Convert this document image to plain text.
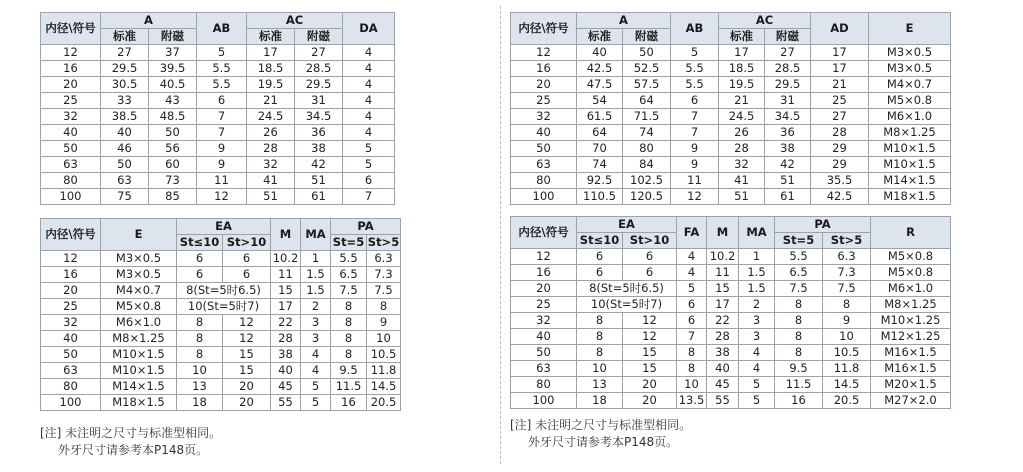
内径\符号	A		AB	AC		DA
	标准	附磁		标准	附磁	
12	27	37	5	17	27	4
16	29.5	39.5	5.5	18.5	28.5	4
20	30.5	40.5	5.5	19.5	29.5	4
25	33	43	6	21	31	4
32	38.5	48.5	7	24.5	34.5	4
40	40	50	7	26	36	4
50	46	56	9	28	38	5
63	50	60	9	32	42	5
80	63	73	11	41	51	6
100	75	85	12	51	61	7
内径\符号	E	EA		M	MA	PA	
		St≤10	St>10			St=5	St>5
12	M3×0.5	6	6	10.2	1	5.5	6.3
16	M3×0.5	6	6	11	1.5	6.5	7.3
20	M4×0.7	8(St=5时6.5)		15	1.5	7.5	7.5
25	M5×0.8	10(St=5时7)		17	2	8	8
32	M6×1.0	8	12	22	3	8	9
40	M8×1.25	8	12	28	3	8	10
50	M10×1.5	8	15	38	4	8	10.5
63	M10×1.5	10	15	40	4	9.5	11.8
80	M14×1.5	13	20	45	5	11.5	14.5
100	M18×1.5	18	20	55	5	16	20.5
[注] 未注明之尺寸与标准型相同。
外牙尺寸请参考本P148页。
内径\符号	A		AB	AC		AD	E
	标准	附磁		标准	附磁		
12	40	50	5	17	27	17	M3×0.5
16	42.5	52.5	5.5	18.5	28.5	17	M3×0.5
20	47.5	57.5	5.5	19.5	29.5	21	M4×0.7
25	54	64	6	21	31	25	M5×0.8
32	61.5	71.5	7	24.5	34.5	27	M6×1.0
40	64	74	7	26	36	28	M8×1.25
50	70	80	9	28	38	29	M10×1.5
63	74	84	9	32	42	29	M10×1.5
80	92.5	102.5	11	41	51	35.5	M14×1.5
100	110.5	120.5	12	51	61	42.5	M18×1.5
内径\符号	EA		FA	M	MA	PA		R
	St≤10	St>10				St=5	St>5	
12	6	6	4	10.2	1	5.5	6.3	M5×0.8
16	6	6	4	11	1.5	6.5	7.3	M5×0.8
20	8(St=5时6.5)		5	15	1.5	7.5	7.5	M6×1.0
25	10(St=5时7)		6	17	2	8	8	M8×1.25
32	8	12	6	22	3	8	9	M10×1.25
40	8	12	7	28	3	8	10	M12×1.25
50	8	15	8	38	4	8	10.5	M16×1.5
63	10	15	8	40	4	9.5	11.8	M16×1.5
80	13	20	10	45	5	11.5	14.5	M20×1.5
100	18	20	13.5	55	5	16	20.5	M27×2.0
[注] 未注明之尺寸与标准型相同。
外牙尺寸请参考本P148页。
